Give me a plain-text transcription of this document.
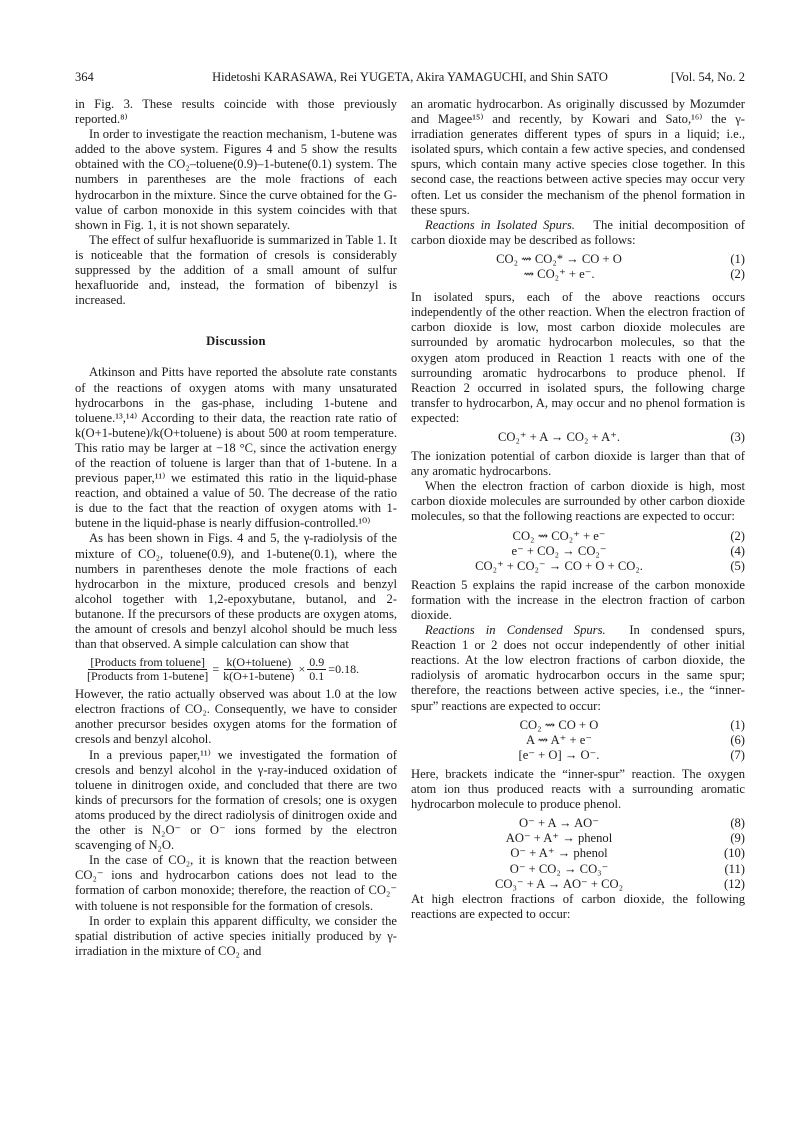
364	Hidetoshi KARASAWA, Rei YUGETA, Akira YAMAGUCHI, and Shin SATO	[Vol. 54, No. 2

in Fig. 3. These results coincide with those previously reported.⁸⁾

In order to investigate the reaction mechanism, 1-butene was added to the above system. Figures 4 and 5 show the results obtained with the CO₂–toluene(0.9)–1-butene(0.1) system. The numbers in parentheses are the mole fractions of each hydrocarbon in the mixture. Since the curve obtained for the G-value of carbon monoxide in this system coincides with that shown in Fig. 1, it is not shown separately.

The effect of sulfur hexafluoride is summarized in Table 1. It is noticeable that the formation of cresols is considerably suppressed by the addition of a small amount of sulfur hexafluoride and, instead, the formation of bibenzyl is increased.

Discussion

Atkinson and Pitts have reported the absolute rate constants of the reactions of oxygen atoms with many unsaturated hydrocarbons in the gas-phase, including 1-butene and toluene.¹³,¹⁴⁾ According to their data, the reaction rate ratio of k(O+1-butene)/k(O+toluene) is about 500 at room temperature. This ratio may be larger at −18 °C, since the activation energy of the reaction of toluene is larger than that of 1-butene. In a previous paper,¹¹⁾ we estimated this ratio in the liquid-phase reaction, and obtained a value of 50. The decrease of the ratio is due to the fact that the reaction of oxygen atoms with 1-butene in the liquid-phase is nearly diffusion-controlled.¹⁰⁾

As has been shown in Figs. 4 and 5, the γ-radiolysis of the mixture of CO₂, toluene(0.9), and 1-butene(0.1), where the numbers in parentheses denote the mole fractions of each hydrocarbon in the mixture, produced cresols and benzyl alcohol together with 1,2-epoxybutane, butanol, and 2-butanone. If the precursors of these products are oxygen atoms, the amount of cresols and benzyl alcohol should be much less than that observed. A simple calculation can show that

$\frac{\text{[Products from toluene]}}{\text{[Products from 1-butene]}} = \frac{\text{k(O+toluene)}}{\text{k(O+1-butene)}} \times \frac{0.9}{0.1} =0.18$.

However, the ratio actually observed was about 1.0 at the low electron fractions of CO₂. Consequently, we have to consider another precursor besides oxygen atoms for the formation of cresols and benzyl alcohol.

In a previous paper,¹¹⁾ we investigated the formation of cresols and benzyl alcohol in the γ-ray-induced oxidation of toluene in dinitrogen oxide, and concluded that there are two kinds of precursors for the formation of cresols; one is oxygen atoms produced by the direct radiolysis of dinitrogen oxide and the other is N₂O⁻ or O⁻ ions formed by the electron scavenging of N₂O.

In the case of CO₂, it is known that the reaction between CO₂⁻ ions and hydrocarbon cations does not lead to the formation of carbon monoxide; therefore, the reaction of CO₂⁻ with toluene is not responsible for the formation of cresols.

In order to explain this apparent difficulty, we consider the spatial distribution of active species initially produced by γ-irradiation in the mixture of CO₂ and

an aromatic hydrocarbon. As originally discussed by Mozumder and Magee¹⁵⁾ and recently, by Kowari and Sato,¹⁶⁾ the γ-irradiation generates different types of spurs in a liquid; i.e., isolated spurs, which contain a few active species, and condensed spurs, which contain many active species close together. In this second case, the reactions between active species may occur very often. Let us consider the mechanism of the phenol formation in these spurs.

Reactions in Isolated Spurs.  The initial decomposition of carbon dioxide may be described as follows:

CO₂ ⇝ CO₂* → CO + O	(1)
⇝ CO₂⁺ + e⁻.	(2)

In isolated spurs, each of the above reactions occurs independently of the other reaction. When the electron fraction of carbon dioxide is low, most carbon dioxide molecules are surrounded by aromatic hydrocarbon molecules, so that the oxygen atom produced in Reaction 1 reacts with one of the surrounding aromatic hydrocarbons to produce phenol. If Reaction 2 occurred in isolated spurs, the following charge transfer to hydrocarbon, A, may occur and no phenol formation is expected:

CO₂⁺ + A → CO₂ + A⁺.	(3)

The ionization potential of carbon dioxide is larger than that of any aromatic hydrocarbons.

When the electron fraction of carbon dioxide is high, most carbon dioxide molecules are surrounded by other carbon dioxide molecules, so that the following reactions are expected to occur:

CO₂ ⇝ CO₂⁺ + e⁻	(2)
e⁻ + CO₂ → CO₂⁻	(4)
CO₂⁺ + CO₂⁻ → CO + O + CO₂.	(5)

Reaction 5 explains the rapid increase of the carbon monoxide formation with the increase in the electron fraction of carbon dioxide.

Reactions in Condensed Spurs.  In condensed spurs, Reaction 1 or 2 does not occur independently of other initial reactions. At the low electron fractions of carbon dioxide, the radiolysis of aromatic hydrocarbon occurs in the same spur; therefore, the reactions between active species, i.e., the “inner-spur” reactions are expected to occur:

CO₂ ⇝ CO + O	(1)
A ⇝ A⁺ + e⁻	(6)
[e⁻ + O] → O⁻.	(7)

Here, brackets indicate the “inner-spur” reaction. The oxygen atom ion thus produced reacts with a surrounding aromatic hydrocarbon molecule to produce phenol.

O⁻ + A → AO⁻	(8)
AO⁻ + A⁺ → phenol	(9)
O⁻ + A⁺ → phenol	(10)
O⁻ + CO₂ → CO₃⁻	(11)
CO₃⁻ + A → AO⁻ + CO₂	(12)

At high electron fractions of carbon dioxide, the following reactions are expected to occur:
